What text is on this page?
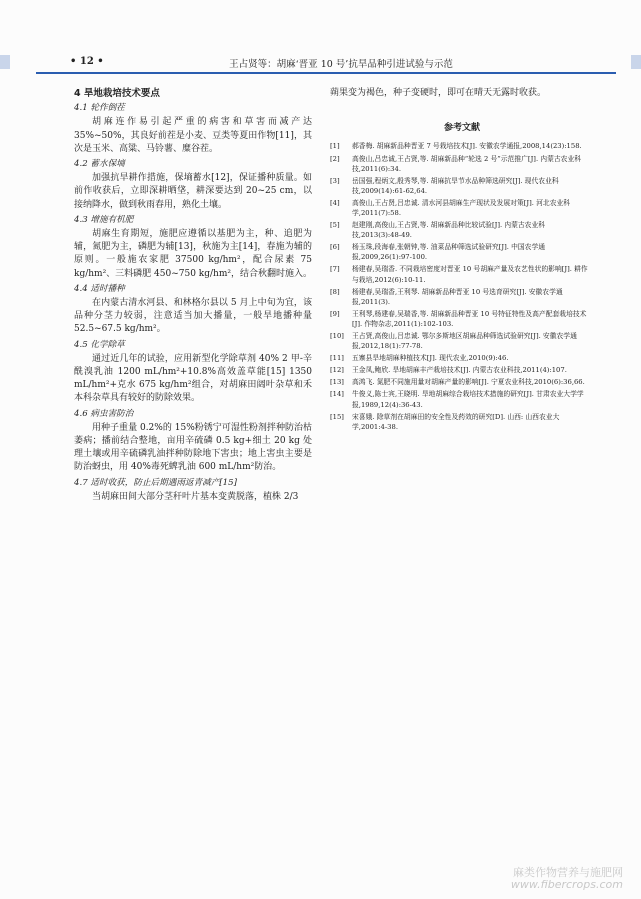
• 12 •	王占贤等：胡麻‘晋亚 10 号’抗旱品种引进试验与示范
4 旱地栽培技术要点
4.1 轮作倒茬

胡麻连作易引起严重的病害和草害而减产达 35%~50%，其良好前茬是小麦、豆类等夏田作物[11]，其次是玉米、高粱、马铃薯、糜谷茬。

4.2 蓄水保墒

加强抗旱耕作措施，保墒蓄水[12]，保证播种质量。如前作收获后，立即深耕晒垡，耕深要达到 20~25 cm，以接纳降水，做到秋雨春用，熟化土壤。

4.3 增施有机肥

胡麻生育期短，施肥应遵循以基肥为主，种、追肥为辅，氮肥为主，磷肥为辅[13]，秋施为主[14]，春施为辅的原则。一般施农家肥 37500 kg/hm²，配合尿素 75 kg/hm²、三料磷肥 450~750 kg/hm²，结合秋翻时施入。

4.4 适时播种

在内蒙古清水河县、和林格尔县以 5 月上中旬为宜，该品种分茎力较弱，注意适当加大播量，一般旱地播种量 52.5~67.5 kg/hm²。

4.5 化学除草

通过近几年的试验，应用新型化学除草剂 40% 2 甲-辛酰溴乳油 1200 mL/hm²+10.8%高效盖草能[15] 1350 mL/hm²+克水 675 kg/hm²组合，对胡麻田阔叶杂草和禾本科杂草具有较好的防除效果。

4.6 病虫害防治

用种子重量 0.2%的 15%粉锈宁可湿性粉剂拌种防治枯萎病；播前结合整地，亩用辛硫磷 0.5 kg+细土 20 kg 处理土壤或用辛硫磷乳油拌种防除地下害虫；地上害虫主要是防治蚜虫，用 40%毒死蜱乳油 600 mL/hm²防治。

4.7 适时收获，防止后期遇雨返青减产[15]

当胡麻田间大部分茎秆叶片基本变黄脱落，植株 2/3

蒴果变为褐色，种子变硬时，即可在晴天无露时收获。

参考文献
[1]	郝香梅. 胡麻新品种晋亚 7 号栽培技术[J]. 安徽农学通报,2008,14(23):158.
[2]	高俊山,吕忠诚,王占贤,等. 胡麻新品种“轮选 2 号”示范推广[J]. 内蒙古农业科技,2011(6):34.
[3]	岳国强,程炳文,殷秀琴,等. 胡麻抗旱节水品种筛选研究[J]. 现代农业科技,2009(14):61-62,64.
[4]	高俊山,王占贤,吕忠诚. 清水河县胡麻生产现状及发展对策[J]. 河北农业科学,2011(7):58.
[5]	赵建刚,高俊山,王占贤,等. 胡麻新品种比较试验[J]. 内蒙古农业科技,2013(3):48-49.
[6]	杨玉珠,段海春,张朝钟,等. 油菜品种筛选试验研究[J]. 中国农学通报,2009,26(1):97-100.
[7]	杨建春,吴瑞香. 不同栽培密度对晋亚 10 号胡麻产量及农艺性状的影响[J]. 耕作与栽培,2012(6):10-11.
[8]	杨建春,吴瑞香,王利琴. 胡麻新品种晋亚 10 号选育研究[J]. 安徽农学通报,2011(3).
[9]	王利琴,杨建春,吴瑞香,等. 胡麻新品种晋亚 10 号特征特性及高产配套栽培技术[J]. 作物杂志,2011(1):102-103.
[10]	王占贤,高俊山,吕忠诚. 鄂尔多斯地区胡麻品种筛选试验研究[J]. 安徽农学通报,2012,18(1):77-78.
[11]	五寨县旱地胡麻种植技术[J]. 现代农业,2010(9):46.
[12]	王金凤,鲍欣. 旱地胡麻丰产栽培技术[J]. 内蒙古农业科技,2011(4):107.
[13]	高鸿飞. 氮肥不同施用量对胡麻产量的影响[J]. 宁夏农业科技,2010(6):36,66.
[14]	牛俊义,陈士宾,王晓明. 旱地胡麻综合栽培技术措施的研究[J]. 甘肃农业大学学报,1989,12(4):36-43.
[15]	宋喜娥. 除草剂在胡麻田的安全性及药效的研究[D]. 山西: 山西农业大学,2001:4-38.
麻类作物营养与施肥网
www.fibercrops.com
